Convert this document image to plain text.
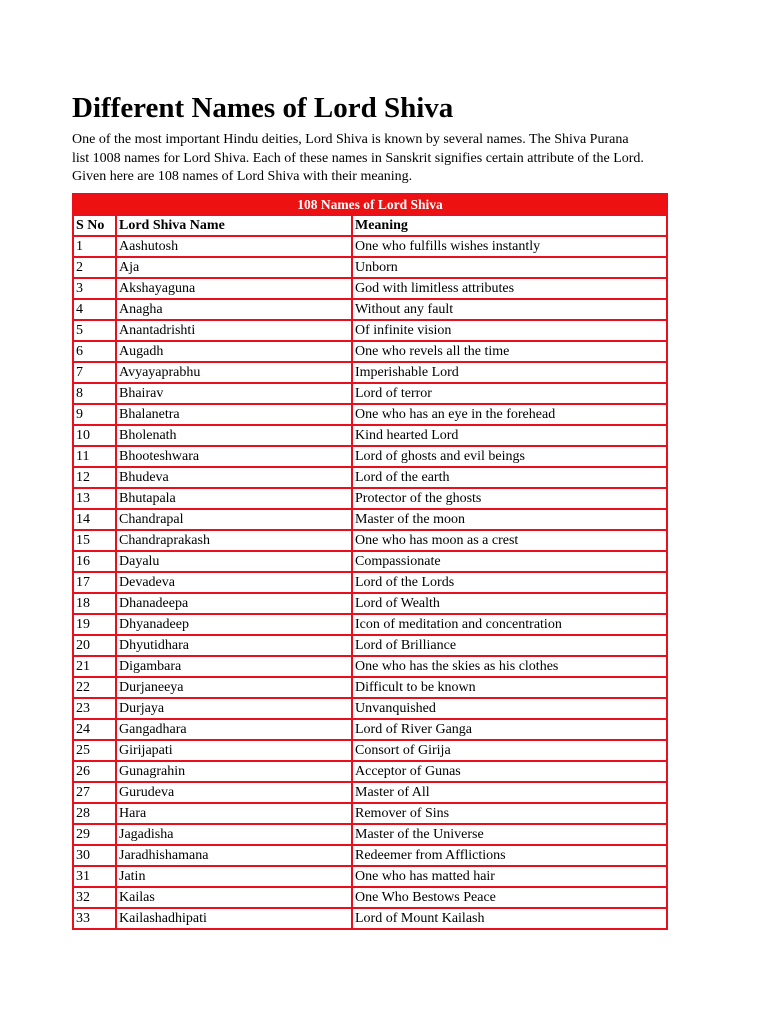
Different Names of Lord Shiva

One of the most important Hindu deities, Lord Shiva is known by several names. The Shiva Purana
list 1008 names for Lord Shiva. Each of these names in Sanskrit signifies certain attribute of the Lord.
Given here are 108 names of Lord Shiva with their meaning.

108 Names of Lord Shiva		
S No	Lord Shiva Name	Meaning
1	Aashutosh	One who fulfills wishes instantly
2	Aja	Unborn
3	Akshayaguna	God with limitless attributes
4	Anagha	Without any fault
5	Anantadrishti	Of infinite vision
6	Augadh	One who revels all the time
7	Avyayaprabhu	Imperishable Lord
8	Bhairav	Lord of terror
9	Bhalanetra	One who has an eye in the forehead
10	Bholenath	Kind hearted Lord
11	Bhooteshwara	Lord of ghosts and evil beings
12	Bhudeva	Lord of the earth
13	Bhutapala	Protector of the ghosts
14	Chandrapal	Master of the moon
15	Chandraprakash	One who has moon as a crest
16	Dayalu	Compassionate
17	Devadeva	Lord of the Lords
18	Dhanadeepa	Lord of Wealth
19	Dhyanadeep	Icon of meditation and concentration
20	Dhyutidhara	Lord of Brilliance
21	Digambara	One who has the skies as his clothes
22	Durjaneeya	Difficult to be known
23	Durjaya	Unvanquished
24	Gangadhara	Lord of River Ganga
25	Girijapati	Consort of Girija
26	Gunagrahin	Acceptor of Gunas
27	Gurudeva	Master of All
28	Hara	Remover of Sins
29	Jagadisha	Master of the Universe
30	Jaradhishamana	Redeemer from Afflictions
31	Jatin	One who has matted hair
32	Kailas	One Who Bestows Peace
33	Kailashadhipati	Lord of Mount Kailash
